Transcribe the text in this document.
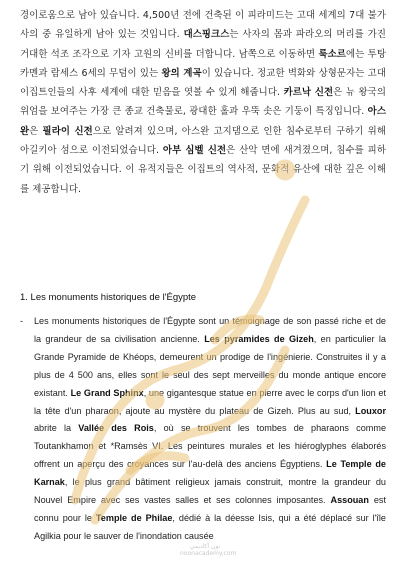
경이로움으로 남아 있습니다. 4,500년 전에 건축된 이 피라미드는 고대 세계의 7대 불가사의 중 유일하게 남아 있는 것입니다. 대스핑크스는 사자의 몸과 파라오의 머리를 가진 거대한 석조 조각으로 기자 고원의 신비를 더합니다. 남쪽으로 이동하면 룩소르에는 투탕카멘과 람세스 6세의 무덤이 있는 왕의 계곡이 있습니다. 정교한 벽화와 상형문자는 고대 이집트인들의 사후 세계에 대한 믿음을 엿볼 수 있게 해줍니다. 카르낙 신전은 뉴 왕국의 위엄을 보여주는 가장 큰 종교 건축물로, 광대한 홀과 우뚝 솟은 기둥이 특징입니다. 아스완은 필라이 신전으로 알려져 있으며, 아스완 고지댐으로 인한 침수로부터 구하기 위해 아길키아 섬으로 이전되었습니다. 아부 심벨 신전은 산악 면에 새겨졌으며, 침수를 피하기 위해 이전되었습니다. 이 유적지들은 이집트의 역사적, 문화적 유산에 대한 깊은 이해를 제공합니다.

1. Les monuments historiques de l'Égypte
- Les monuments historiques de l'Égypte sont un témoignage de son passé riche et de la grandeur de sa civilisation ancienne. Les pyramides de Gizeh, en particulier la Grande Pyramide de Khéops, demeurent un prodige de l'ingénierie. Construites il y a plus de 4 500 ans, elles sont le seul des sept merveilles du monde antique encore existant. Le Grand Sphinx, une gigantesque statue en pierre avec le corps d'un lion et la tête d'un pharaon, ajoute au mystère du plateau de Gizeh. Plus au sud, Louxor abrite la Vallée des Rois, où se trouvent les tombes de pharaons comme Toutankhamon et *Ramsès VI. Les peintures murales et les hiéroglyphes élaborés offrent un aperçu des croyances sur l'au-delà des anciens Égyptiens. Le Temple de Karnak, le plus grand bâtiment religieux jamais construit, montre la grandeur du Nouvel Empire avec ses vastes salles et ses colonnes imposantes. Assouan est connu pour le Temple de Philae, dédié à la déesse Isis, qui a été déplacé sur l'île Agilkia pour le sauver de l'inondation causée
نون أكاديمي
noonacademy.com
